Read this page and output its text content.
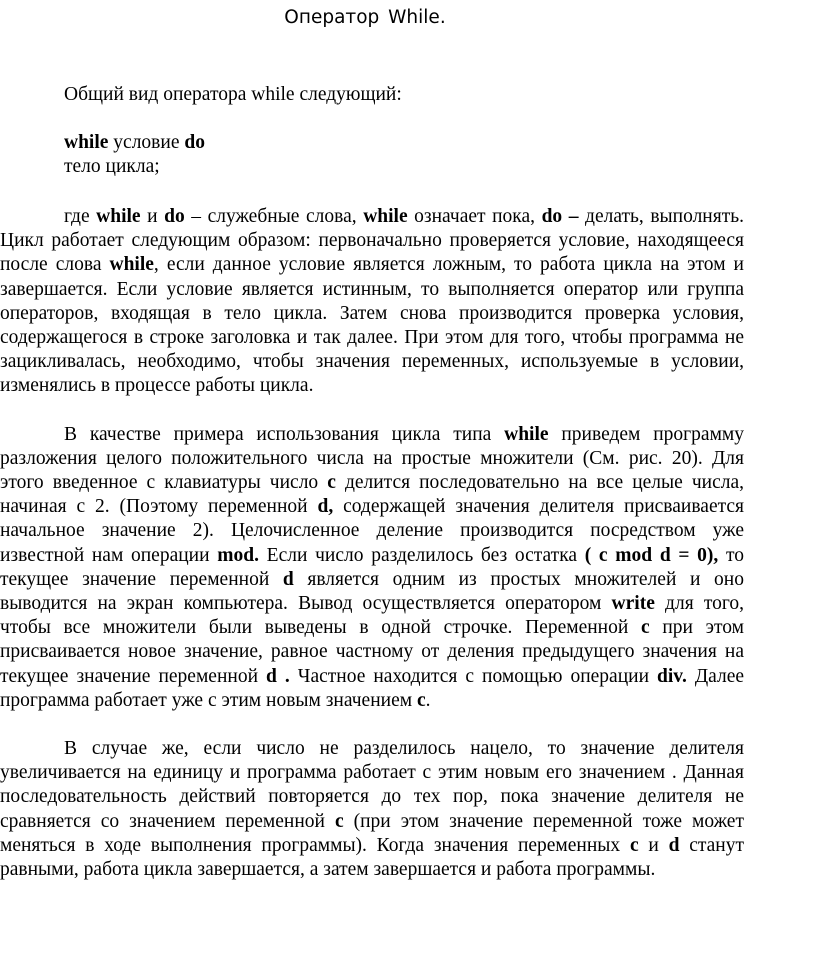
Оператор While.
Общий вид оператора while следующий:
while условие do
тело цикла;

где while и do – служебные слова, while означает пока, do – делать, выполнять. Цикл работает следующим образом: первоначально проверяется условие, находящееся после слова while, если данное условие является ложным, то работа цикла на этом и завершается. Если условие является истинным, то выполняется оператор или группа операторов, входящая в тело цикла. Затем снова производится проверка условия, содержащегося в строке заголовка и так далее. При этом для того, чтобы программа не зацикливалась, необходимо, чтобы значения переменных, используемые в условии, изменялись в процессе работы цикла.

В качестве примера использования цикла типа while приведем программу разложения целого положительного числа на простые множители (См. рис. 20). Для этого введенное с клавиатуры число c делится последовательно на все целые числа, начиная с 2. (Поэтому переменной d, содержащей значения делителя присваивается начальное значение 2). Целочисленное деление производится посредством уже известной нам операции mod. Если число разделилось без остатка ( c mod d = 0), то текущее значение переменной d является одним из простых множителей и оно выводится на экран компьютера. Вывод осуществляется оператором write для того, чтобы все множители были выведены в одной строчке. Переменной c при этом присваивается новое значение, равное частному от деления предыдущего значения на текущее значение переменной d . Частное находится с помощью операции div. Далее программа работает уже с этим новым значением c.

В случае же, если число не разделилось нацело, то значение делителя увеличивается на единицу и программа работает с этим новым его значением . Данная последовательность действий повторяется до тех пор, пока значение делителя не сравняется со значением переменной c (при этом значение переменной тоже может меняться в ходе выполнения программы). Когда значения переменных c и d станут равными, работа цикла завершается, а затем завершается и работа программы.
